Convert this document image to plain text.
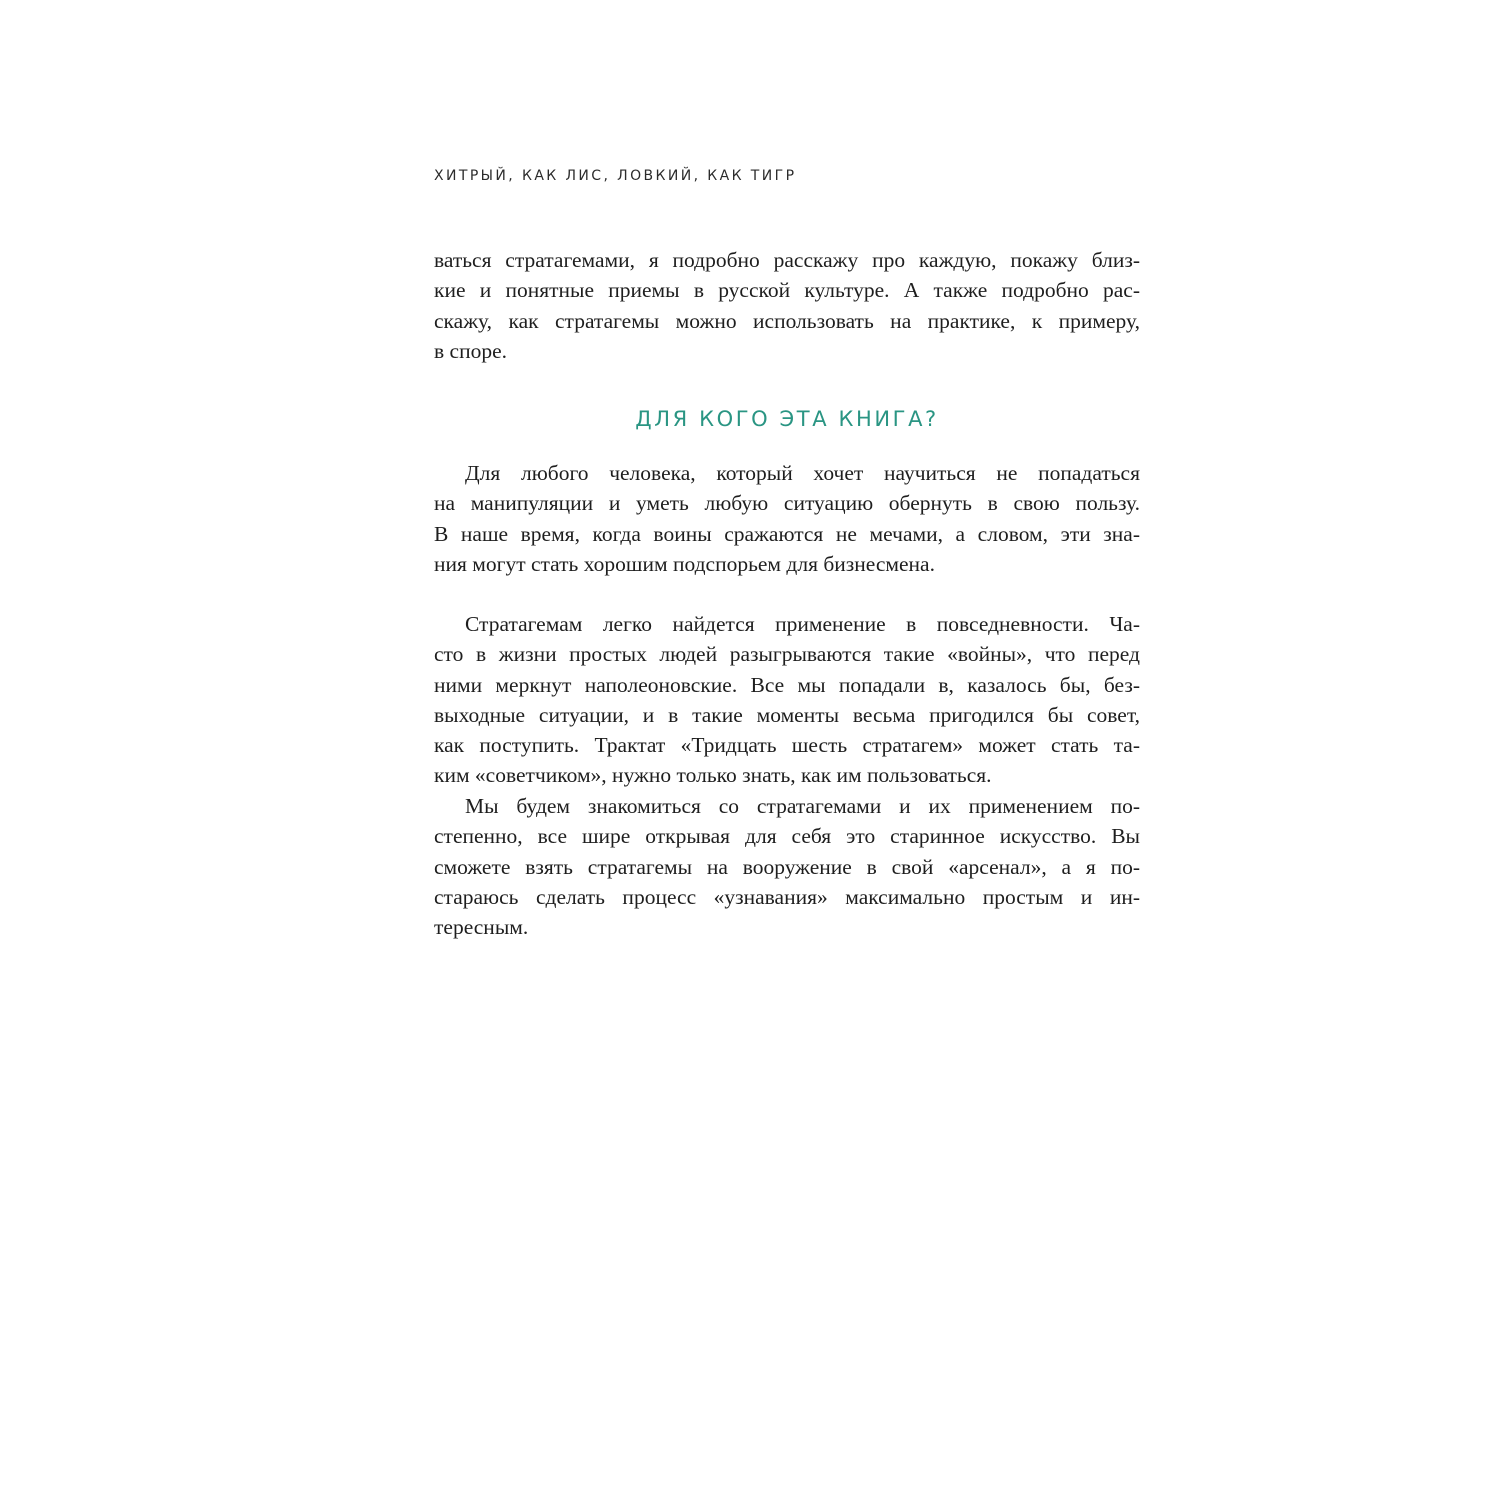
ХИТРЫЙ, КАК ЛИС, ЛОВКИЙ, КАК ТИГР
ваться стратагемами, я подробно расскажу про каждую, покажу близ-
кие и понятные приемы в русской культуре. А также подробно рас-
скажу, как стратагемы можно использовать на практике, к примеру,
в споре.
ДЛЯ КОГО ЭТА КНИГА?
Для любого человека, который хочет научиться не попадаться
на манипуляции и уметь любую ситуацию обернуть в свою пользу.
В наше время, когда воины сражаются не мечами, а словом, эти зна-
ния могут стать хорошим подспорьем для бизнесмена.
Стратагемам легко найдется применение в повседневности. Ча-
сто в жизни простых людей разыгрываются такие «войны», что перед
ними меркнут наполеоновские. Все мы попадали в, казалось бы, без-
выходные ситуации, и в такие моменты весьма пригодился бы совет,
как поступить. Трактат «Тридцать шесть стратагем» может стать та-
ким «советчиком», нужно только знать, как им пользоваться.
Мы будем знакомиться со стратагемами и их применением по-
степенно, все шире открывая для себя это старинное искусство. Вы
сможете взять стратагемы на вооружение в свой «арсенал», а я по-
стараюсь сделать процесс «узнавания» максимально простым и ин-
тересным.
